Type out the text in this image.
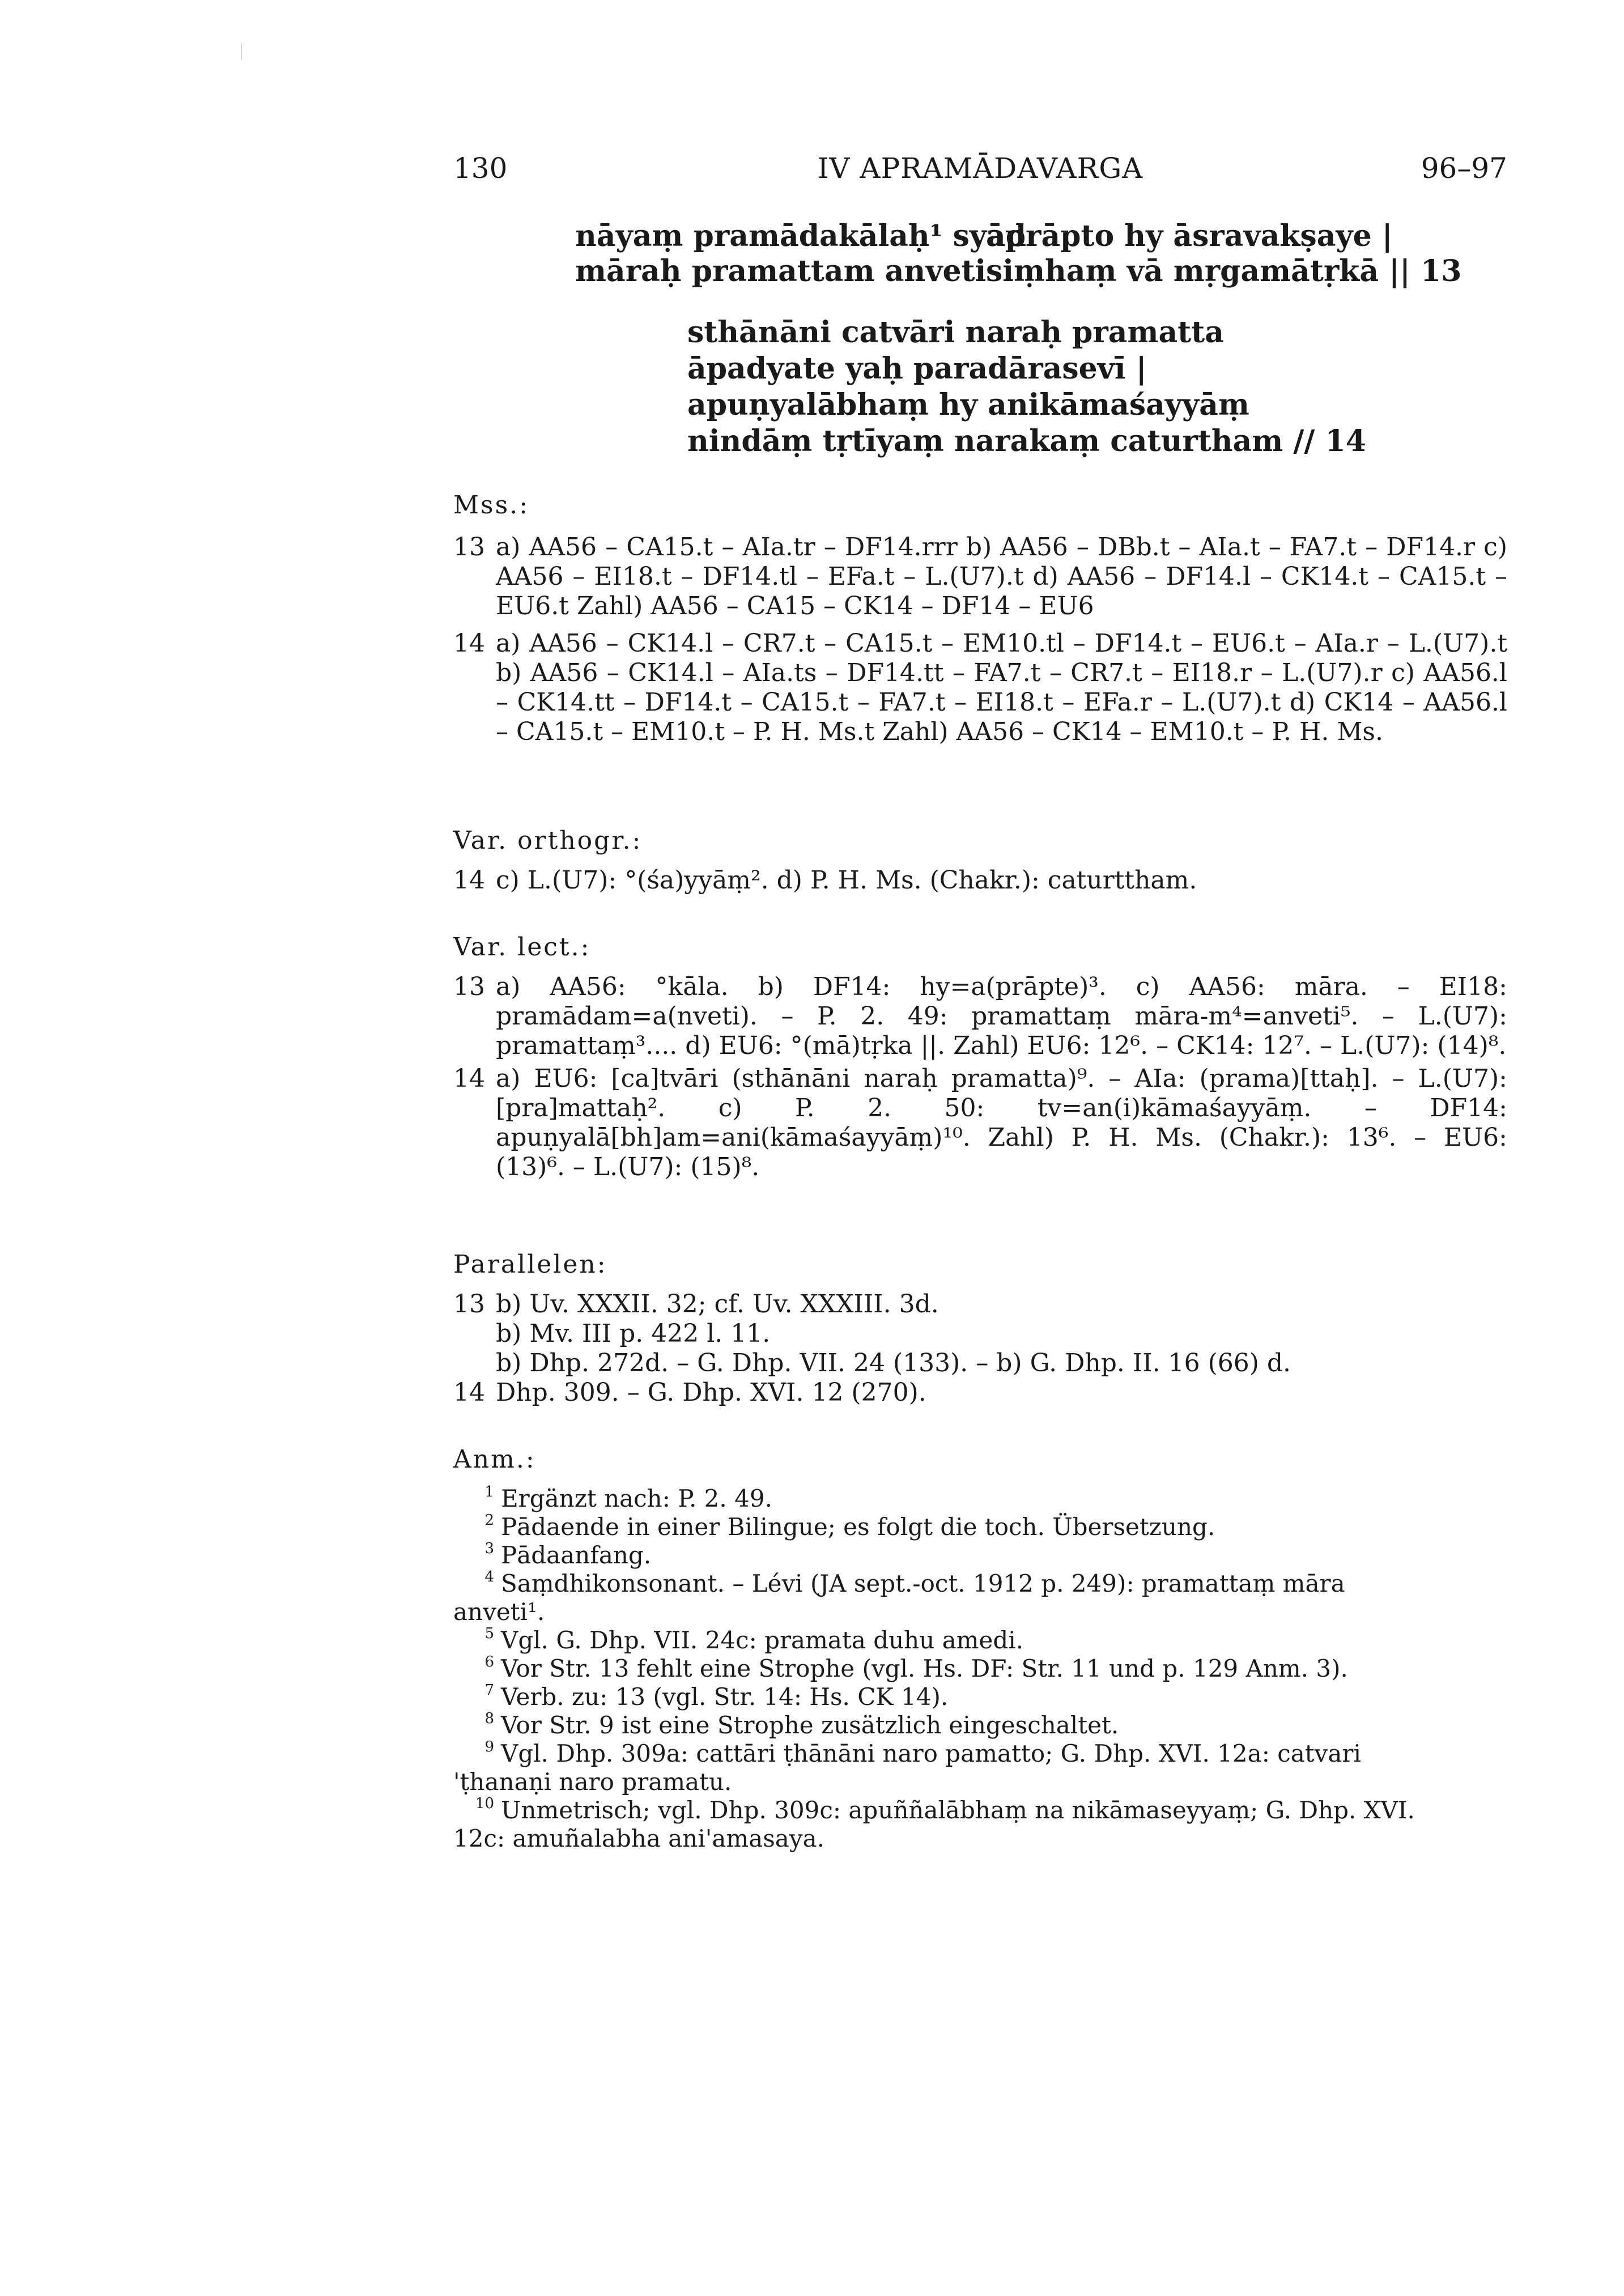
130	IV APRAMĀDAVARGA	96–97
nāyaṃ pramādakālaḥ¹ syād
aprāpto hy āsravakṣaye |
māraḥ pramattam anveti siṃhaṃ vā mṛgamātṛkā || 13
sthānāni catvāri naraḥ pramatta
āpadyate yaḥ paradārasevī |
apuṇyalābhaṃ hy anikāmaśayyāṃ
nindāṃ tṛtīyaṃ narakaṃ caturtham // 14
Mss.:
13 a) AA56 – CA15.t – AIa.tr – DF14.rrr b) AA56 – DBb.t – AIa.t – FA7.t – DF14.r c) AA56 – EI18.t – DF14.tl – EFa.t – L.(U7).t d) AA56 – DF14.l – CK14.t – CA15.t – EU6.t Zahl) AA56 – CA15 – CK14 – DF14 – EU6
14 a) AA56 – CK14.l – CR7.t – CA15.t – EM10.tl – DF14.t – EU6.t – AIa.r – L.(U7).t b) AA56 – CK14.l – AIa.ts – DF14.tt – FA7.t – CR7.t – EI18.r – L.(U7).r c) AA56.l – CK14.tt – DF14.t – CA15.t – FA7.t – EI18.t – EFa.r – L.(U7).t d) CK14 – AA56.l – CA15.t – EM10.t – P. H. Ms.t Zahl) AA56 – CK14 – EM10.t – P. H. Ms.
Var. orthogr.:
14 c) L.(U7): °(śa)yyāṃ². d) P. H. Ms. (Chakr.): caturttham.
Var. lect.:
13 a) AA56: °kāla. b) DF14: hy=a(prāpte)³. c) AA56: māra. – EI18: pramādam=a(nveti). – P. 2. 49: pramattaṃ māra-m⁴=anveti⁵. – L.(U7): pramattaṃ³.... d) EU6: °(mā)tṛka ||. Zahl) EU6: 12⁶. – CK14: 12⁷. – L.(U7): (14)⁸.
14 a) EU6: [ca]tvāri (sthānāni naraḥ pramatta)⁹. – AIa: (prama)[ttaḥ]. – L.(U7): [pra]mattaḥ². c) P. 2. 50: tv=an(i)kāmaśayyāṃ. – DF14: apuṇyalā[bh]am=ani(kāmaśayyāṃ)¹⁰. Zahl) P. H. Ms. (Chakr.): 13⁶. – EU6: (13)⁶. – L.(U7): (15)⁸.
Parallelen:
13 b) Uv. XXXII. 32; cf. Uv. XXXIII. 3d.
b) Mv. III p. 422 l. 11.
b) Dhp. 272d. – G. Dhp. VII. 24 (133). – b) G. Dhp. II. 16 (66) d.
14 Dhp. 309. – G. Dhp. XVI. 12 (270).
Anm.:
1 Ergänzt nach: P. 2. 49.
2 Pādaende in einer Bilingue; es folgt die toch. Übersetzung.
3 Pādaanfang.
4 Saṃdhikonsonant. – Lévi (JA sept.-oct. 1912 p. 249): pramattaṃ māra
anveti¹.
5 Vgl. G. Dhp. VII. 24c: pramata duhu amedi.
6 Vor Str. 13 fehlt eine Strophe (vgl. Hs. DF: Str. 11 und p. 129 Anm. 3).
7 Verb. zu: 13 (vgl. Str. 14: Hs. CK 14).
8 Vor Str. 9 ist eine Strophe zusätzlich eingeschaltet.
9 Vgl. Dhp. 309a: cattāri ṭhānāni naro pamatto; G. Dhp. XVI. 12a: catvari
'ṭhanaṇi naro pramatu.
10 Unmetrisch; vgl. Dhp. 309c: apuññalābhaṃ na nikāmaseyyaṃ; G. Dhp. XVI.
12c: amuñalabha ani'amasaya.
